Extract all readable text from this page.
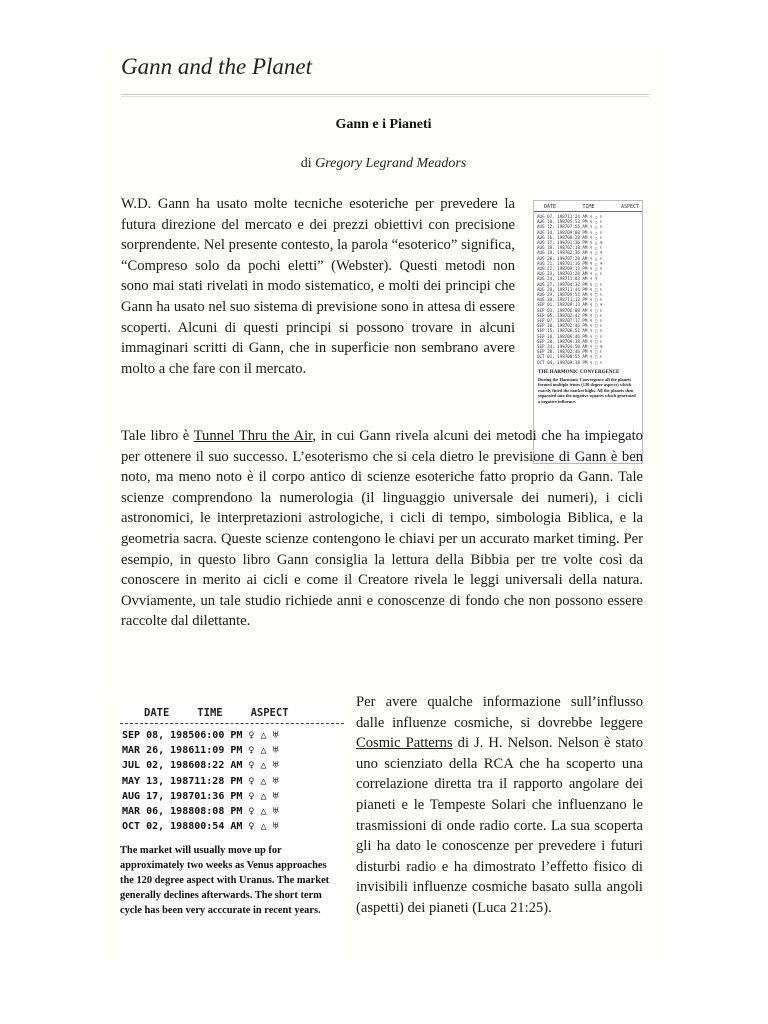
Gann and the Planet
Gann e i Pianeti
di Gregory Legrand Meadors

W.D. Gann ha usato molte tecniche esoteriche per prevedere la futura direzione del mercato e dei prezzi obiettivi con precisione sorprendente. Nel presente contesto, la parola “esoterico” significa, “Compreso solo da pochi eletti” (Webster). Questi metodi non sono mai stati rivelati in modo sistematico, e molti dei principi che Gann ha usato nel suo sistema di previsione sono in attesa di essere scoperti. Alcuni di questi principi si possono trovare in alcuni immaginari scritti di Gann, che in superficie non sembrano avere molto a che fare con il mercato.

DATE	TIME	ASPECT
AUG 07, 198711:24 AM ♀ △ ♄
AUG 10, 198705:53 PM ♀ △ ♄
AUG 12, 198707:55 AM ♀ △ ♄
AUG 14, 198709:08 PM ♀ △ ♄
AUG 16, 198708:28 AM ♀ △ ♄
AUG 17, 198701:36 PM ♀ △ ♅
AUG 18, 198702:18 AM ♀ △ ♄
AUG 19, 198702:36 AM ♀ △ ♅
AUG 20, 198707:20 AM ♀ △ ♄
AUG 21, 198701:16 PM ♀ △ ♅
AUG 22, 198709:13 PM ♀ △ ♄
AUG 23, 198703:28 AM ♀ △ ♄
AUG 24, 198711:03 AM ♀ ♆
AUG 27, 198704:32 PM ♀ □ ♄
AUG 28, 198711:44 PM ♀ □ ♄
AUG 29, 198709:54 AM ♀ □ ♄
AUG 30, 198711:13 PM ♀ □ ♄
SEP 01, 198709:13 AM ♀ □ ♅
SEP 03, 198706:08 AM ♀ □ ♄
SEP 05, 198702:42 PM ♀ □ ♄
SEP 07, 198707:17 PM ♀ □ ♄
SEP 10, 198702:46 PM ♀ □ ♄
SEP 15, 198708:52 AM ♀ □ ♄
SEP 18, 198706:46 PM ♀ □ ♄
SEP 20, 198709:38 AM ♀ □ ♄
SEP 24, 198704:50 AM ♀ □ ♅
SEP 28, 198702:46 PM ♀ □ ♄
OCT 01, 198708:55 AM ♀ □ ♄
OCT 04, 198709:18 PM ♀ □ ♄
THE HARMONIC CONVERGENCE
During the Harmonic Convergence all the planets formed multiple trines (120 degree aspects) which exactly fitted the market highs. All the planets then separated into the negative squares which generated a negative influence.

Tale libro è Tunnel Thru the Air, in cui Gann rivela alcuni dei metodi che ha impiegato per ottenere il suo successo. L’esoterismo che si cela dietro le previsione di Gann è ben noto, ma meno noto è il corpo antico di scienze esoteriche fatto proprio da Gann. Tale scienze comprendono la numerologia (il linguaggio universale dei numeri), i cicli astronomici, le interpretazioni astrologiche, i cicli di tempo, simbologia Biblica, e la geometria sacra. Queste scienze contengono le chiavi per un accurato market timing. Per esempio, in questo libro Gann consiglia la lettura della Bibbia per tre volte così da conoscere in merito ai cicli e come il Creatore rivela le leggi universali della natura. Ovviamente, un tale studio richiede anni e conoscenze di fondo che non possono essere raccolte dal dilettante.

DATE	TIME	ASPECT
SEP 08, 198506:00 PM ♀ △ ♅
MAR 26, 198611:09 PM ♀ △ ♅
JUL 02, 198608:22 AM ♀ △ ♅
MAY 13, 198711:28 PM ♀ △ ♅
AUG 17, 198701:36 PM ♀ △ ♅
MAR 06, 198808:08 PM ♀ △ ♅
OCT 02, 198800:54 AM ♀ △ ♅
The market will usually move up for approximately two weeks as Venus approaches the 120 degree aspect with Uranus. The market generally declines afterwards. The short term cycle has been very acccurate in recent years.

Per avere qualche informazione sull’influsso dalle influenze cosmiche, si dovrebbe leggere Cosmic Patterns di J. H. Nelson. Nelson è stato uno scienziato della RCA che ha scoperto una correlazione diretta tra il rapporto angolare dei pianeti e le Tempeste Solari che influenzano le trasmissioni di onde radio corte. La sua scoperta gli ha dato le conoscenze per prevedere i futuri disturbi radio e ha dimostrato l’effetto fisico di invisibili influenze cosmiche basato sulla angoli (aspetti) dei pianeti (Luca 21:25).
